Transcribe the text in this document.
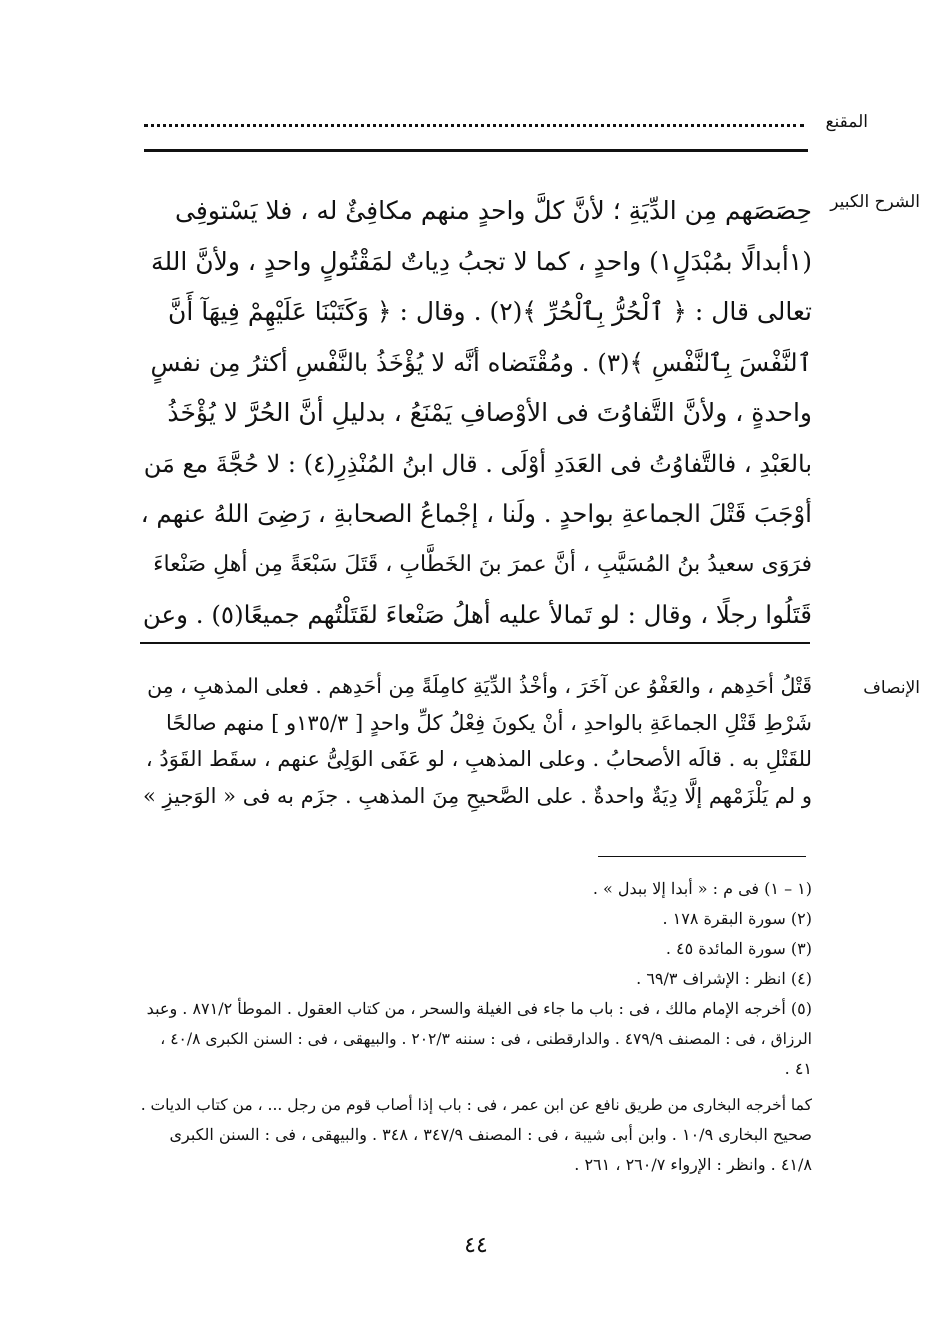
المقنع
الشرح الكبير

حِصَصَهم مِن الدِّيَةِ ؛ لأنَّ كلَّ واحدٍ منهم مكافِئٌ له ، فلا يَسْتوفِى

(١أبدالًا بمُبْدَلٍ١) واحدٍ ، كما لا تجبُ دِياتٌ لمَقْتُولٍ واحدٍ ، ولأنَّ اللهَ

تعالى قال : ﴿ ٱلْحُرُّ بِٱلْحُرِّ ﴾(٢) . وقال : ﴿ وَكَتَبْنَا عَلَيْهِمْ فِيهَآ أَنَّ

ٱلنَّفْسَ بِٱلنَّفْسِ ﴾(٣) . ومُقْتَضاه أنَّه لا يُؤْخَذُ بالنَّفْسِ أكثرُ مِن نفسٍ

واحدةٍ ، ولأنَّ التَّفاوُتَ فى الأوْصافِ يَمْنَعُ ، بدليلِ أنَّ الحُرَّ لا يُؤْخَذُ

بالعَبْدِ ، فالتَّفاوُتُ فى العَدَدِ أوْلَى . قال ابنُ المُنْذِرِ(٤) : لا حُجَّةَ مع مَن

أوْجَبَ قَتْلَ الجماعةِ بواحدٍ . ولَنا ، إجْماعُ الصحابةِ ، رَضِىَ اللهُ عنهم ،

فرَوَى سعيدُ بنُ المُسَيَّبِ ، أنَّ عمرَ بنَ الخَطَّابِ ، قَتَلَ سَبْعَةً مِن أهلِ صَنْعاءَ

قَتَلُوا رجلًا ، وقال : لو تَمالأ عليه أهلُ صَنْعاءَ لقَتَلْتُهم جميعًا(٥) . وعن

الإنصاف

قَتْلُ أحَدِهم ، والعَفْوُ عن آخَرَ ، وأخْذُ الدِّيَةِ كامِلَةً مِن أحَدِهم . فعلى المذهبِ ، مِن

شَرْطِ قَتْلِ الجماعَةِ بالواحدِ ، أنْ يكونَ فِعْلُ كلِّ واحدٍ [ ١٣٥/٣و ] منهم صالحًا

للقَتْلِ به . قالَه الأصحابُ . وعلى المذهبِ ، لو عَفَى الوَلِىُّ عنهم ، سقَط القَوَدُ ،

و لم يَلْزَمْهم إلَّا دِيَةٌ واحدةٌ . على الصَّحيحِ مِنَ المذهبِ . جزَم به فى « الوَجيزِ »

(١ – ١) فى م : « أبدا إلا ببدل » .

(٢) سورة البقرة ١٧٨ .

(٣) سورة المائدة ٤٥ .

(٤) انظر : الإشراف ٦٩/٣ .

(٥) أخرجه الإمام مالك ، فى : باب ما جاء فى الغيلة والسحر ، من كتاب العقول . الموطأ ٨٧١/٢ . وعبد

الرزاق ، فى : المصنف ٤٧٩/٩ . والدارقطنى ، فى : سننه ٢٠٢/٣ . والبيهقى ، فى : السنن الكبرى ٤٠/٨ ،

٤١ .

كما أخرجه البخارى من طريق نافع عن ابن عمر ، فى : باب إذا أصاب قوم من رجل ... ، من كتاب الديات .

صحيح البخارى ١٠/٩ . وابن أبى شيبة ، فى : المصنف ٣٤٧/٩ ، ٣٤٨ . والبيهقى ، فى : السنن الكبرى

٤١/٨ . وانظر : الإرواء ٢٦٠/٧ ، ٢٦١ .

٤٤
